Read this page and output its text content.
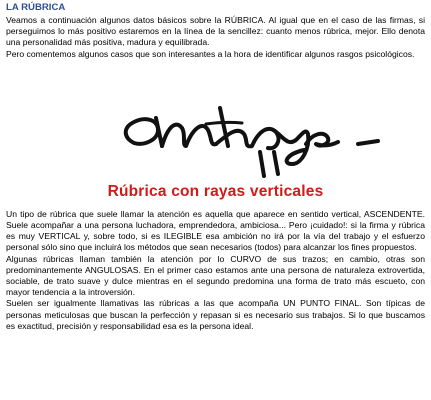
LA RÚBRICA

Veamos a continuación algunos datos básicos sobre la RÚBRICA. Al igual que en el caso de las firmas, si perseguimos lo más positivo estaremos en la línea de la sencillez: cuanto menos rúbrica, mejor. Ello denota una personalidad más positiva, madura y equilibrada.

Pero comentemos algunos casos que son interesantes a la hora de identificar algunos rasgos psicológicos.

Rúbrica con rayas verticales

Un tipo de rúbrica que suele llamar la atención es aquella que aparece en sentido vertical, ASCENDENTE. Suele acompañar a una persona luchadora, emprendedora, ambiciosa... Pero ¡cuidado!: si la firma y rúbrica es muy VERTICAL y, sobre todo, si es ILEGIBLE esa ambición no irá por la vía del trabajo y el esfuerzo personal sólo sino que incluirá los métodos que sean necesarios (todos) para alcanzar los fines propuestos.

Algunas rúbricas llaman también la atención por lo CURVO de sus trazos; en cambio, otras son predominantemente ANGULOSAS. En el primer caso estamos ante una persona de naturaleza extrovertida, sociable, de trato suave y dulce mientras en el segundo predomina una forma de trato más escueto, con mayor tendencia a la introversión.

Suelen ser igualmente llamativas las rúbricas a las que acompaña UN PUNTO FINAL. Son típicas de personas meticulosas que buscan la perfección y repasan si es necesario sus trabajos. Si lo que buscamos es exactitud, precisión y responsabilidad esa es la persona ideal.
